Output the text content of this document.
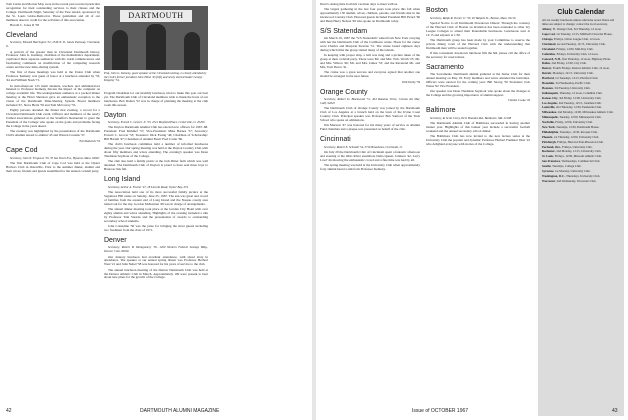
Tom Curtis and Morton May were in the recent past received particular recognition for their outstanding services to their classes and the College. Dartmouth Night, Saturday of the Year Award, sponsored by the St. Louis Globe-Democrat. These gentlemen and all of our members deserve credit for the activities of this association.

Harold C. Jones II '58

Cleveland

Secretary, Edward Barrington '52, 2546 N. St. James Parkway, Cleveland, O.

A portrait of the greater men in Cleveland Dartmouth history, Professor John G. Kemeny, chairman of the mathematics department, captivated three separate audiences with his warm reminiscences and fascinating comments on modification of the computing research center and the new time-sharing system.

The first of these meetings was held at the Union Club when Professor Kemeny was guest of honor at a luncheon attended by '33, '44 and William Nash '71.

In mid-afternoon 125 math students, teachers and administrators listened to Professor Kemeny discuss the impact of the computer on college academic life. The undergraduate audience at a packed dinner meeting at the Hotel Sheraton gave an enthusiastic reception to the vision of the Dartmouth Time-Sharing System. Board members included '47, Steve Hertz '59 and Tom McCorrey '55.

Eighty persons attended the dinner that evening, a record for a Cleveland Dartmouth Club event. Officers and members of the newly formed associations gathered at the Stouffer's Restaurant to greet the President of the College who spoke on the goals and problems facing the College in the years ahead.

The evening was highlighted by the presentation of the Dartmouth Club's Alumni Award to alumni '43 and Warren Cousins '37.

Ed Oberkirch '53

Cape Cod

Secretary, John N. Ferguson '39, 35 Sea Street Ext., Hyannis, Mass. 02601

The first Dartmouth Club of Cape Cod was held at the Oyster Harbors Club in Osterville. Prior to the summer dinner, alumni and their wives, friends and guests assembled for the annual cocktail party.

DARTMOUTH
Prof. John G. Kemeny, guest speaker at the Cleveland meeting, is closely attended by the Club's former president John Tilton '43 (left) and newly elected leader George Kingsley '54.

Program Chairman for our monthly luncheon, tried to make this year our best yet. The Dartmouth Club of Cleveland members wish to thank the hosts of our luncheons. Bob Dalton '52 was in charge of planning the meeting at the club room this season.

Dayton

Secretary, Everett C. Grover, Jr. '53, 4721 Mayfield Place, Centerville, O. 45459

The Dayton Dartmouth Alumni Club has elected new officers for 1967–68. President: Fred Kimmel '57; Vice-President: Mike Barnes '57; Secretary: Everett C. Grover '53; Treasurer: Dick Ewing '46; Chairman of Scholarship: Bill Harrell '47; Chairman of Alumni Fund: Fred Carter '60.

The club's luncheon committee held a number of informal luncheons during the year. Our spring meeting was held at the Dayton Country Club with about fifty members and wives attending. The evening's speaker was Dean Thaddeus Seymour of the College.

The club also held a family picnic at the Jack Ritter farm which was well attended. The Dartmouth Club of Dayton is proud to have sent three boys to Hanover this fall.

Long Island

Secretary, Arthur A. Fowler '47, 18 Lincoln Road, Oyster Bay, N.Y.

The Association held one of its most successful family picnics at the Sagamore Hill estate on Sunday, June 25, 1967. The sun was great and crowd of families from the eastern end of Long Island and the Nassau county area turned out for the day. Gordon McKernan '49 was in charge of arrangements.

The annual dinner meeting took place at the Garden City Hotel with over eighty alumni and wives attending. Highlights of the evening included a talk by Professor Tom Stearns and the presentation of awards to outstanding secondary school students.

John Considine '50 was the prize for bringing the most guests including two freshmen from the class of 1971.

Denver

Secretary, Robert B. Montgomery '56, 1200 Western Federal Savings Bldg., Denver, Colo. 80202

Our January luncheon had excellent attendance, with about sixty in attendance. The speaker at our annual spring dinner was Professor Herbert West '21 and John Nebel '58 was honored for his years of service to the club.

The annual luncheon meeting of the Denver Dartmouth Club was held at the Denver Athletic Club in March. Approximately 100 were present to hear about new plans for the growth of the College.

42	DARTMOUTH ALUMNI MAGAZINE

Dave's raising time from his vacation days to meet with us.

The largest gathering in the last four years took place this fall when approximately 150 alumni, wives, children, parents, and friends met in the Glenwood Country Club. Honored guests included President Bill Picard '60 and Dean Harry Nelson '49 who spoke on Dartmouth today.

S/S Statendam

On March 19, 1967 the "S/S Statendam" sailed from New York carrying with her the Dartmouth Club of the Caribbean cruise. Hosts for the cruise were Charles and Marjorie Stevens '51. The cruise lasted eighteen days during which time the group visited many of the islands.

In keeping with proper ship, a bell was rung and a picture taken of the group at their cocktail party. There were Mr. and Mrs. Wm. Worth '25; Mr. and Mrs. Wilson '46; Mr. and Mrs. James '53; and the Reverend Mr. and Mrs. Tom Pierce '41.

The cruise was a great success and everyone agreed that another one should be arranged in the near future.

Walt Darby '59

Orange County

Secretary, Robert D. Blackwood '51, 404 Ramona Drive, Corona del Mar, Calif. 92625

The Dartmouth Club of Orange County was joined by the Dartmouth Club of Los Angeles at a brunch held on the lawn of the Irvine Coast Country Club. Principal speaker was Professor Bob Sanford of the Tuck School who spoke on admissions.

Jim Marston '47 was honored for his many years of service as Alumni Fund chairman and a plaque was presented on behalf of the club.

Cincinnati

Secretary, Robert E. Schmidt '54, 3716 Broadview, Cincinnati, O.

On July 20 the Dartmouth Club of Cincinnati spent a fantastic afternoon and evening at the Ohio River steamboat Delta Queen. Johnson '42, Larry Lawl '44 showing the enthusiastic crowd and a fine time was had by all.

The spring meeting was held at the University Club when approximately forty alumni heard a talk from Professor Kemeny.

Boston

Secretary, Ralph R. Turner Jr. '50, 40 Walpole St., Boston, Mass. 02116

Special Notice to all Dartmouth Downtown Diners: Through the courtesy of the Harvard Club of Boston an invitation has been extended to other Ivy League Colleges to attend their Roundtable luncheons. Luncheons start at 12:15 and adjourn at 1:30.

The Dartmouth group has been made by your Committee to reserve the private dining room of the Harvard Club with the understanding that Dartmouth men will be seated together.

If this convenient downtown luncheon fills the bill, please call the office of the secretary for reservations.

Sacramento

The Sacramento Dartmouth alumni gathered at the Sutter Club for their annual meeting on May 18. Forty members and wives attended the festivities. Officers were elected for the coming year: Bill Strong '50 President; Jack Wiese '62 Vice President.

Our speaker was Dean Thaddeus Seymour who spoke about the changes at the College and the growing importance of alumni support.

Charles Cooke '43

Baltimore

Secretary, R. Scott Corey, 8211 Brandon Rd., Baltimore, Md. 21208

The Dartmouth Alumni Club of Baltimore succeeded in having another banner year. Highlights of this banner year include a successful football weekend and the annual secondary school dinner.

The Baltimore Club has now invited to the new lecture series at the University Club the popular and dynamic Professor Herbert Faulkner West '22 who delighted everyone with stories of the College.

Club Calendar
All are weekly luncheons unless otherwise noted. Dates and times are subject to change; contact the local secretary.
Albany, Ft. Orange Club, 3rd Thursday, 12 noon.
Cape Cod, 1st Tuesday, 12:15, Mildred's Chowder House.
Chicago, Fridays, Union League Club, 12 noon.
Cincinnati, second Tuesday, 12:15, University Club.
Cleveland, Fridays, 12:00, Mid-Day Club.
Columbus, Fridays, University Club, 12 noon.
Concord, N.H., first Thursday, 12 noon, Highway Hotel.
Dallas, 2nd Friday, 12:00, City Club.
Denver, Fourth Fridays, Denver Athletic Club, 12 noon.
Detroit, Mondays, 12:15, University Club.
Hartford, 1st Tuesdays, 12:15, Hartford Club.
Honolulu, 3rd Wednesday, Pacific Club.
Houston, 3rd Tuesday, University Club.
Indianapolis, Thursday, 12 noon, Columbia Club.
Kansas City, 3rd Friday, 12:00, University Club.
Los Angeles, 2nd Tuesday, 12:15, Jonathan Club.
Louisville, 2nd Thursday, 12:30, Pendennis Club.
Milwaukee, 2nd Monday, 12:00, Milwaukee Athletic Club.
Minneapolis, Tuesday, 12:00, Minneapolis Club.
Nashville, Friday, 12:00, University Club.
New York, Tuesdays, 12:30, Dartmouth House.
Philadelphia, Tuesdays, 12:30, Racquet Club.
Phoenix, 1st Thursday, 12:00, University Club.
Pittsburgh, Fridays, Harvard-Yale-Princeton Club.
Portland, Ore., Fridays, University Club.
Rochester, 2nd Monday, 12:15, University Club.
St. Louis, Fridays, 12:00, Missouri Athletic Club.
San Francisco, Wednesdays, Commercial Club.
Seattle, Tuesdays, College Club.
Syracuse, 1st Monday, University Club.
Washington, D.C., Thursdays, University Club.
Worcester, 2nd Wednesday, Worcester Club.
Issue of OCTOBER 1967	43
